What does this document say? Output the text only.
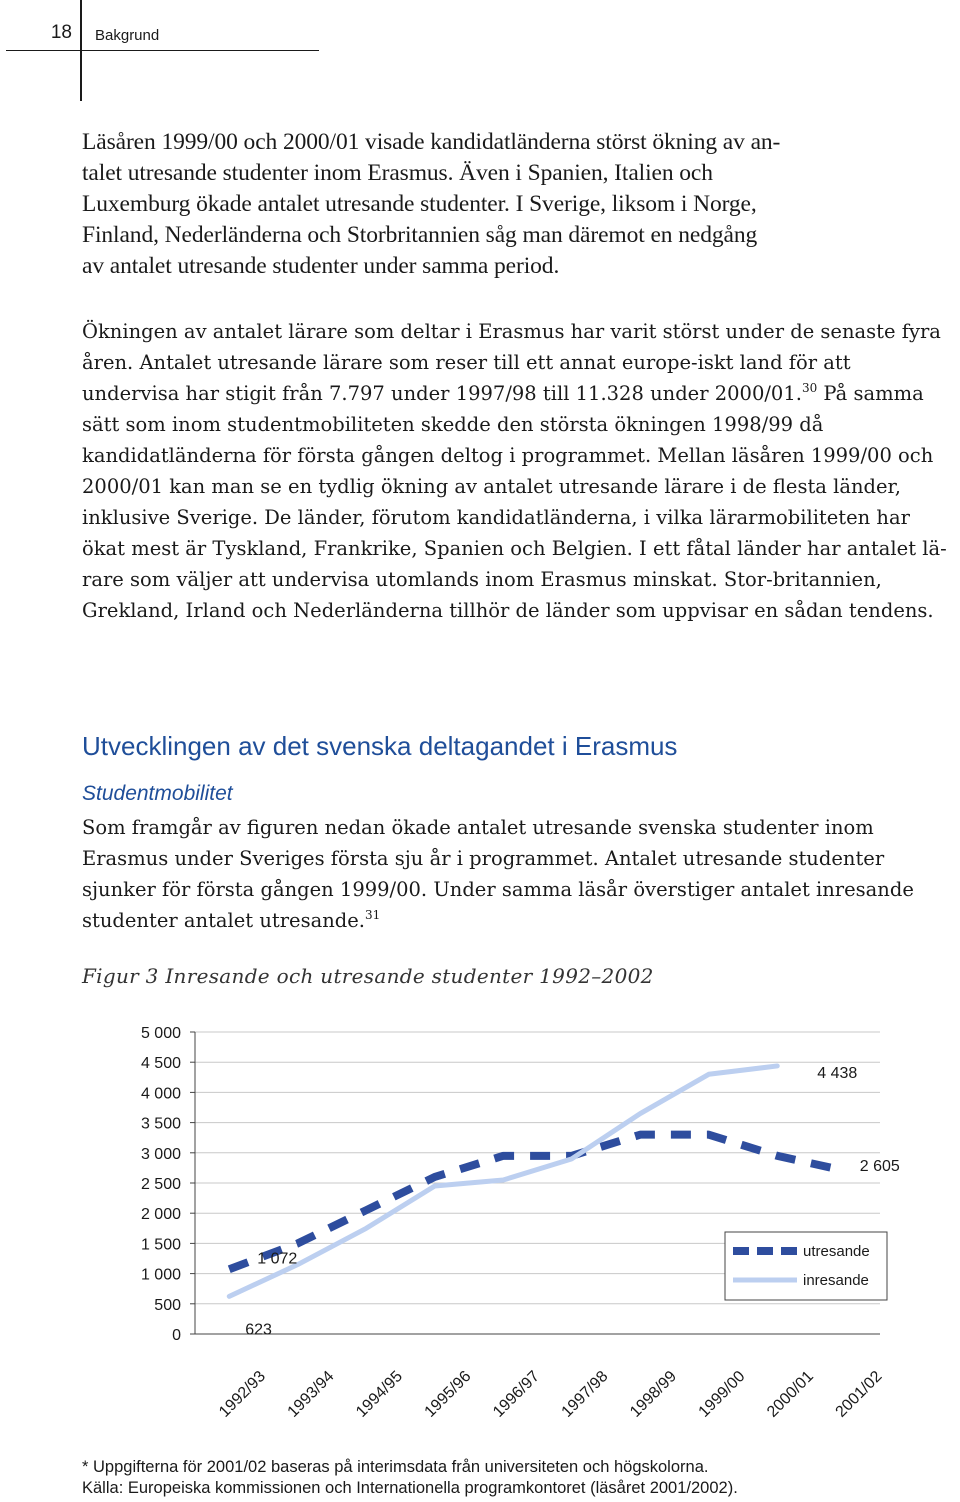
18 Bakgrund
Läsåren 1999/00 och 2000/01 visade kandidatländerna störst ökning av an-
talet utresande studenter inom Erasmus. Även i Spanien, Italien och
Luxemburg ökade antalet utresande studenter. I Sverige, liksom i Norge,
Finland, Nederländerna och Storbritannien såg man däremot en nedgång
av antalet utresande studenter under samma period.

Ökningen av antalet lärare som deltar i Erasmus har varit störst under de senaste fyra åren. Antalet utresande lärare som reser till ett annat europe-iskt land för att undervisa har stigit från 7.797 under 1997/98 till 11.328 under 2000/01.30 På samma sätt som inom studentmobiliteten skedde den största ökningen 1998/99 då kandidatländerna för första gången deltog i programmet. Mellan läsåren 1999/00 och 2000/01 kan man se en tydlig ökning av antalet utresande lärare i de flesta länder, inklusive Sverige. De länder, förutom kandidatländerna, i vilka lärarmobiliteten har ökat mest är Tyskland, Frankrike, Spanien och Belgien. I ett fåtal länder har antalet lä-rare som väljer att undervisa utomlands inom Erasmus minskat. Stor-britannien, Grekland, Irland och Nederländerna tillhör de länder som uppvisar en sådan tendens.

Utvecklingen av det svenska deltagandet i Erasmus
Studentmobilitet

Som framgår av figuren nedan ökade antalet utresande svenska studenter inom Erasmus under Sveriges första sju år i programmet. Antalet utresande studenter sjunker för första gången 1999/00. Under samma läsår överstiger antalet inresande studenter antalet utresande.$^{31}$

Figur 3 Inresande och utresande studenter 1992–2002
0
500
1 000
1 500
2 000
2 500
3 000
3 500
4 000
4 500
5 000
1992/93 1993/94 1994/95 1995/96 1996/97 1997/98 1998/99 1999/00 2000/01 2001/02
1 072
623
4 438
2 605
utresande
inresande
* Uppgifterna för 2001/02 baseras på interimsdata från universiteten och högskolorna.
Källa: Europeiska kommissionen och Internationella programkontoret (läsåret 2001/2002).
